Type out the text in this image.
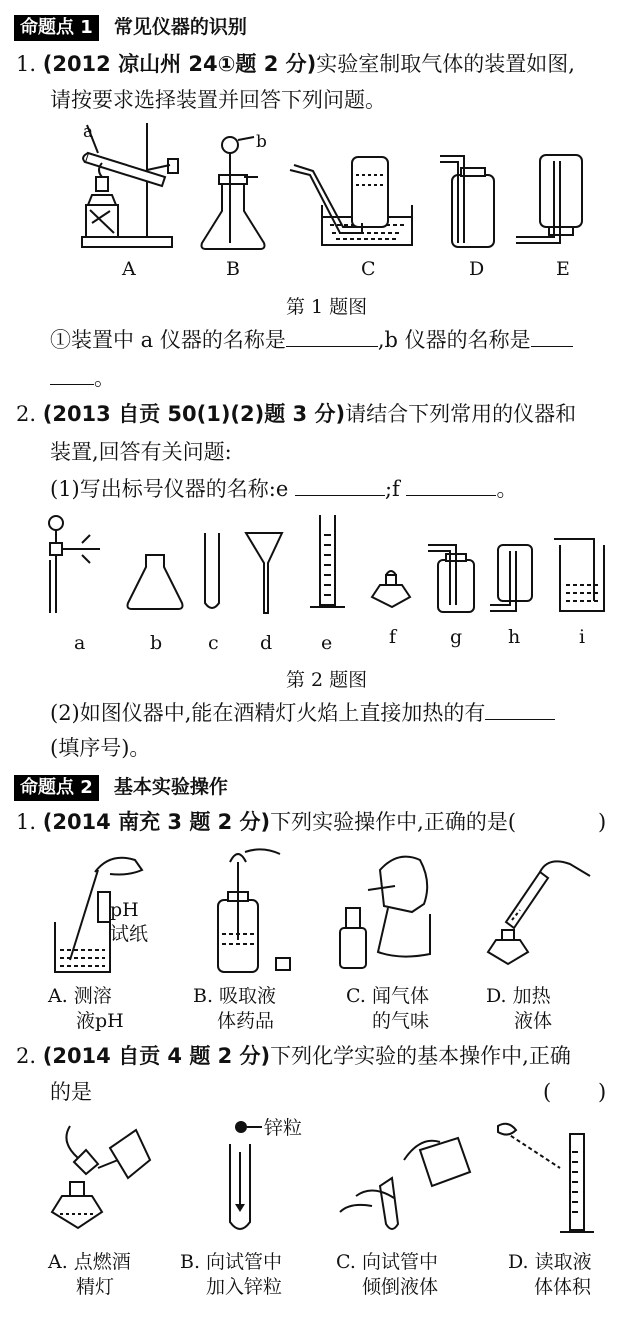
命题点 1 常见仪器的识别
1. (2012 凉山州 24①题 2 分)实验室制取气体的装置如图,
请按要求选择装置并回答下列问题。
a	b
A	B	C	D	E
第 1 题图
①装置中 a 仪器的名称是	,b 仪器的名称是
。
2. (2013 自贡 50(1)(2)题 3 分)请结合下列常用的仪器和
装置,回答有关问题:
(1)写出标号仪器的名称:e	;f	。
a	b c d	e	f	g h	i
第 2 题图
(2)如图仪器中,能在酒精灯火焰上直接加热的有
(填序号)。
命题点 2 基本实验操作
1. (2014 南充 3 题 2 分)下列实验操作中,正确的是(	)
pH
试纸
A. 测溶
液pH
B. 吸取液
体药品
C. 闻气体
的气味
D. 加热
液体
2. (2014 自贡 4 题 2 分)下列化学实验的基本操作中,正确
的是	( )
锌粒
A. 点燃酒
精灯
B. 向试管中
加入锌粒
C. 向试管中
倾倒液体
D. 读取液
体体积
